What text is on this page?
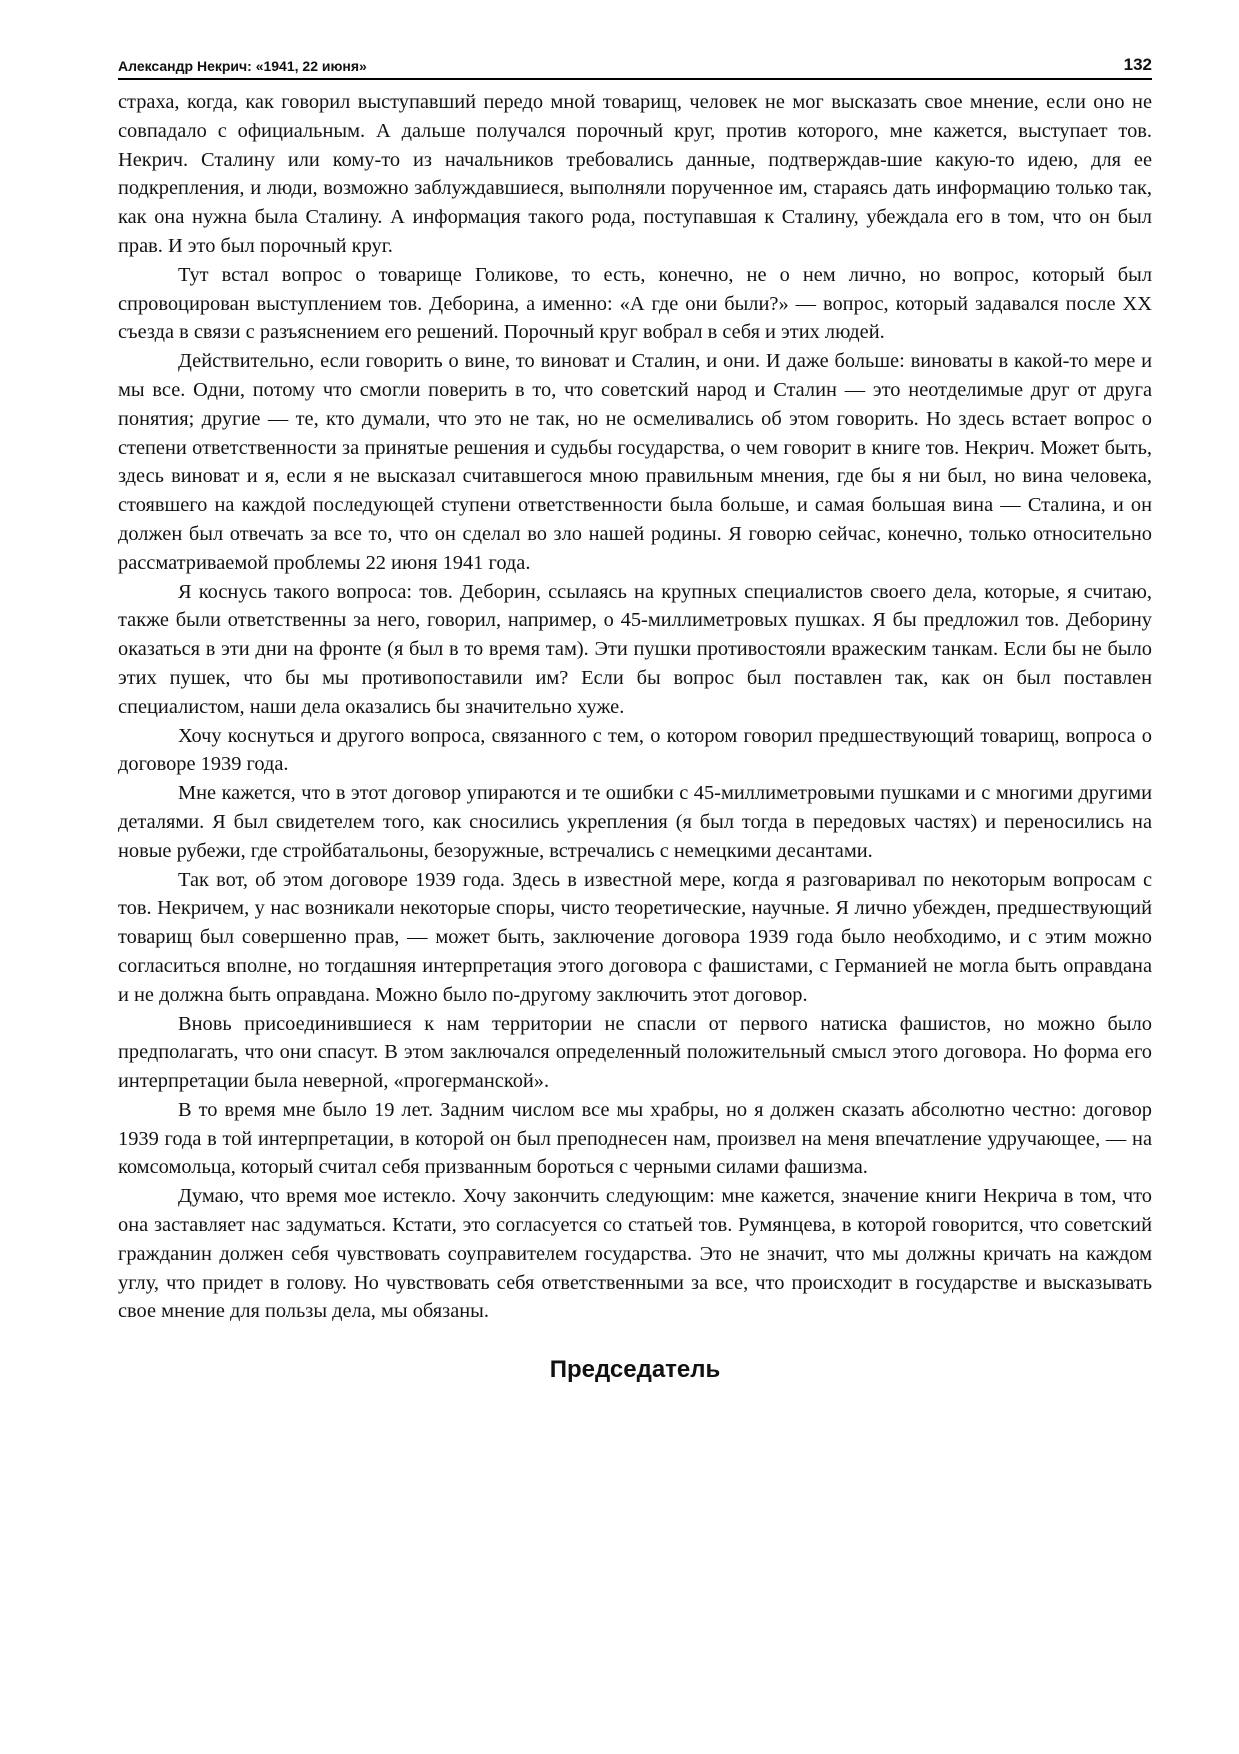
Александр Некрич: «1941, 22 июня»	132

страха, когда, как говорил выступавший передо мной товарищ, человек не мог высказать свое мнение, если оно не совпадало с официальным. А дальше получался порочный круг, против которого, мне кажется, выступает тов. Некрич. Сталину или кому-то из начальников требовались данные, подтверждав-шие какую-то идею, для ее подкрепления, и люди, возможно заблуждавшиеся, выполняли порученное им, стараясь дать информацию только так, как она нужна была Сталину. А информация такого рода, поступавшая к Сталину, убеждала его в том, что он был прав. И это был порочный круг.

Тут встал вопрос о товарище Голикове, то есть, конечно, не о нем лично, но вопрос, который был спровоцирован выступлением тов. Деборина, а именно: «А где они были?» — вопрос, который задавался после XX съезда в связи с разъяснением его решений. Порочный круг вобрал в себя и этих людей.

Действительно, если говорить о вине, то виноват и Сталин, и они. И даже больше: виноваты в какой-то мере и мы все. Одни, потому что смогли поверить в то, что советский народ и Сталин — это неотделимые друг от друга понятия; другие — те, кто думали, что это не так, но не осмеливались об этом говорить. Но здесь встает вопрос о степени ответственности за принятые решения и судьбы государства, о чем говорит в книге тов. Некрич. Может быть, здесь виноват и я, если я не высказал считавшегося мною правильным мнения, где бы я ни был, но вина человека, стоявшего на каждой последующей ступени ответственности была больше, и самая большая вина — Сталина, и он должен был отвечать за все то, что он сделал во зло нашей родины. Я говорю сейчас, конечно, только относительно рассматриваемой проблемы 22 июня 1941 года.

Я коснусь такого вопроса: тов. Деборин, ссылаясь на крупных специалистов своего дела, которые, я считаю, также были ответственны за него, говорил, например, о 45-миллиметровых пушках. Я бы предложил тов. Деборину оказаться в эти дни на фронте (я был в то время там). Эти пушки противостояли вражеским танкам. Если бы не было этих пушек, что бы мы противопоставили им? Если бы вопрос был поставлен так, как он был поставлен специалистом, наши дела оказались бы значительно хуже.

Хочу коснуться и другого вопроса, связанного с тем, о котором говорил предшествующий товарищ, вопроса о договоре 1939 года.

Мне кажется, что в этот договор упираются и те ошибки с 45-миллиметровыми пушками и с многими другими деталями. Я был свидетелем того, как сносились укрепления (я был тогда в передовых частях) и переносились на новые рубежи, где стройбатальоны, безоружные, встречались с немецкими десантами.

Так вот, об этом договоре 1939 года. Здесь в известной мере, когда я разговаривал по некоторым вопросам с тов. Некричем, у нас возникали некоторые споры, чисто теоретические, научные. Я лично убежден, предшествующий товарищ был совершенно прав, — может быть, заключение договора 1939 года было необходимо, и с этим можно согласиться вполне, но тогдашняя интерпретация этого договора с фашистами, с Германией не могла быть оправдана и не должна быть оправдана. Можно было по-другому заключить этот договор.

Вновь присоединившиеся к нам территории не спасли от первого натиска фашистов, но можно было предполагать, что они спасут. В этом заключался определенный положительный смысл этого договора. Но форма его интерпретации была неверной, «прогерманской».

В то время мне было 19 лет. Задним числом все мы храбры, но я должен сказать абсолютно честно: договор 1939 года в той интерпретации, в которой он был преподнесен нам, произвел на меня впечатление удручающее, — на комсомольца, который считал себя призванным бороться с черными силами фашизма.

Думаю, что время мое истекло. Хочу закончить следующим: мне кажется, значение книги Некрича в том, что она заставляет нас задуматься. Кстати, это согласуется со статьей тов. Румянцева, в которой говорится, что советский гражданин должен себя чувствовать соуправителем государства. Это не значит, что мы должны кричать на каждом углу, что придет в голову. Но чувствовать себя ответственными за все, что происходит в государстве и высказывать свое мнение для пользы дела, мы обязаны.

Председатель
